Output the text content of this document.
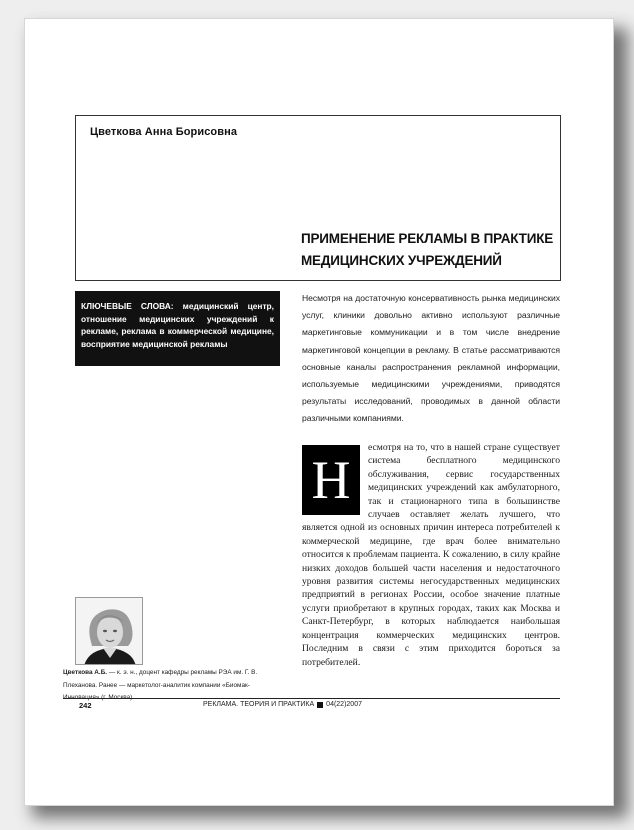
Цветкова Анна Борисовна
ПРИМЕНЕНИЕ РЕКЛАМЫ В ПРАКТИКЕ
МЕДИЦИНСКИХ УЧРЕЖДЕНИЙ
КЛЮЧЕВЫЕ СЛОВА: медицинский центр, отношение медицинских учреждений к рекламе, реклама в коммерческой медицине, восприятие медицинской рекламы
Несмотря на достаточную консервативность рынка медицинских услуг, клиники довольно активно используют различные маркетинговые коммуникации и в том числе внедрение маркетинговой концепции в рекламу. В статье рассматриваются основные каналы распространения рекламной информации, используемые медицинскими учреждениями, приводятся результаты исследований, проводимых в данной области различными компаниями.
Н
есмотря на то, что в нашей стране существует система бесплатного медицинского обслуживания, сервис государственных медицинских учреждений как амбулаторного, так и стационарного типа в большинстве случаев оставляет желать лучшего, что является одной из основных причин интереса потребителей к коммерческой медицине, где врач более внимательно относится к проблемам пациента. К сожалению, в силу крайне низких доходов большей части населения и недостаточного уровня развития системы негосударственных медицинских предприятий в регионах России, особое значение платные услуги приобретают в крупных городах, таких как Москва и Санкт-Петербург, в которых наблюдается наибольшая концентрация коммерческих медицинских центров. Последним в связи с этим приходится бороться за потребителей.
Цветкова А.Б. — к. э. н., доцент кафедры рекламы РЭА им. Г. В. Плеханова. Ранее — маркетолог-аналитик компании «Биомак-Инновация» (г. Москва)
242	РЕКЛАМА. ТЕОРИЯ И ПРАКТИКА 04(22)2007
